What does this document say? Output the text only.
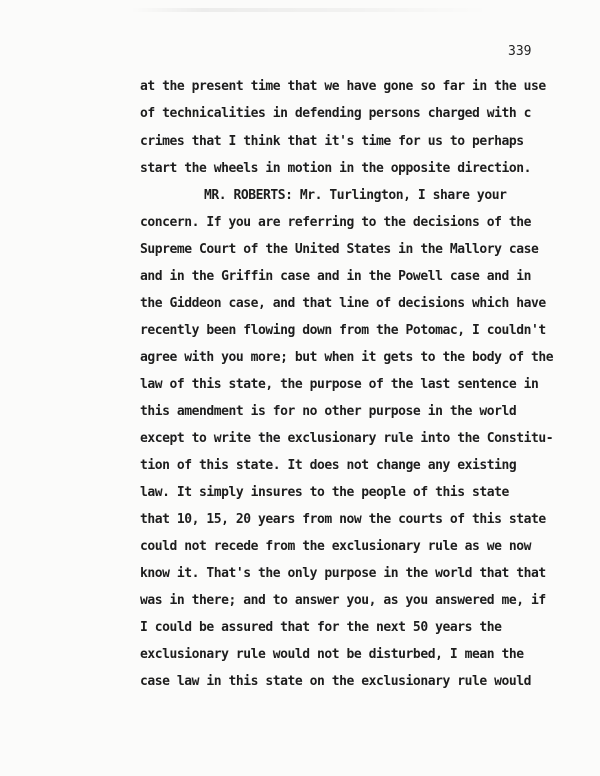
339
at the present time that we have gone so far in the use
of technicalities in defending persons charged with c
crimes that I think that it's time for us to perhaps
start the wheels in motion in the opposite direction.
MR. ROBERTS: Mr. Turlington, I share your
concern. If you are referring to the decisions of the
Supreme Court of the United States in the Mallory case
and in the Griffin case and in the Powell case and in
the Giddeon case, and that line of decisions which have
recently been flowing down from the Potomac, I couldn't
agree with you more; but when it gets to the body of the
law of this state, the purpose of the last sentence in
this amendment is for no other purpose in the world
except to write the exclusionary rule into the Constitu-
tion of this state. It does not change any existing
law. It simply insures to the people of this state
that 10, 15, 20 years from now the courts of this state
could not recede from the exclusionary rule as we now
know it. That's the only purpose in the world that that
was in there; and to answer you, as you answered me, if
I could be assured that for the next 50 years the
exclusionary rule would not be disturbed, I mean the
case law in this state on the exclusionary rule would
